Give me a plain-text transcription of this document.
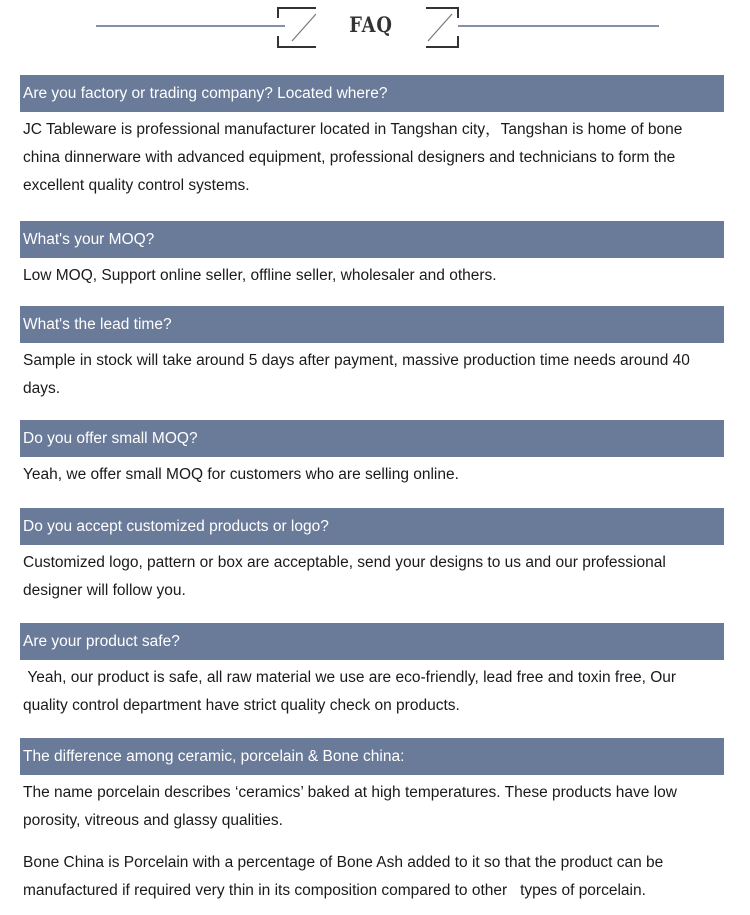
FAQ
Are you factory or trading company? Located where?
JC Tableware is professional manufacturer located in Tangshan city，Tangshan is home of bone china dinnerware with advanced equipment, professional designers and technicians to form the excellent quality control systems.
What's your MOQ?
Low MOQ, Support online seller, offline seller, wholesaler and others.
What's the lead time?
Sample in stock will take around 5 days after payment, massive production time needs around 40 days.
Do you offer small MOQ?
Yeah, we offer small MOQ for customers who are selling online.
Do you accept customized products or logo?
Customized logo, pattern or box are acceptable, send your designs to us and our professional designer will follow you.
Are your product safe?
Yeah, our product is safe, all raw material we use are eco-friendly, lead free and toxin free, Our quality control department have strict quality check on products.
The difference among ceramic, porcelain & Bone china:
The name porcelain describes ‘ceramics’ baked at high temperatures. These products have low porosity, vitreous and glassy qualities.
Bone China is Porcelain with a percentage of Bone Ash added to it so that the product can be manufactured if required very thin in its composition compared to other   types of porcelain.
